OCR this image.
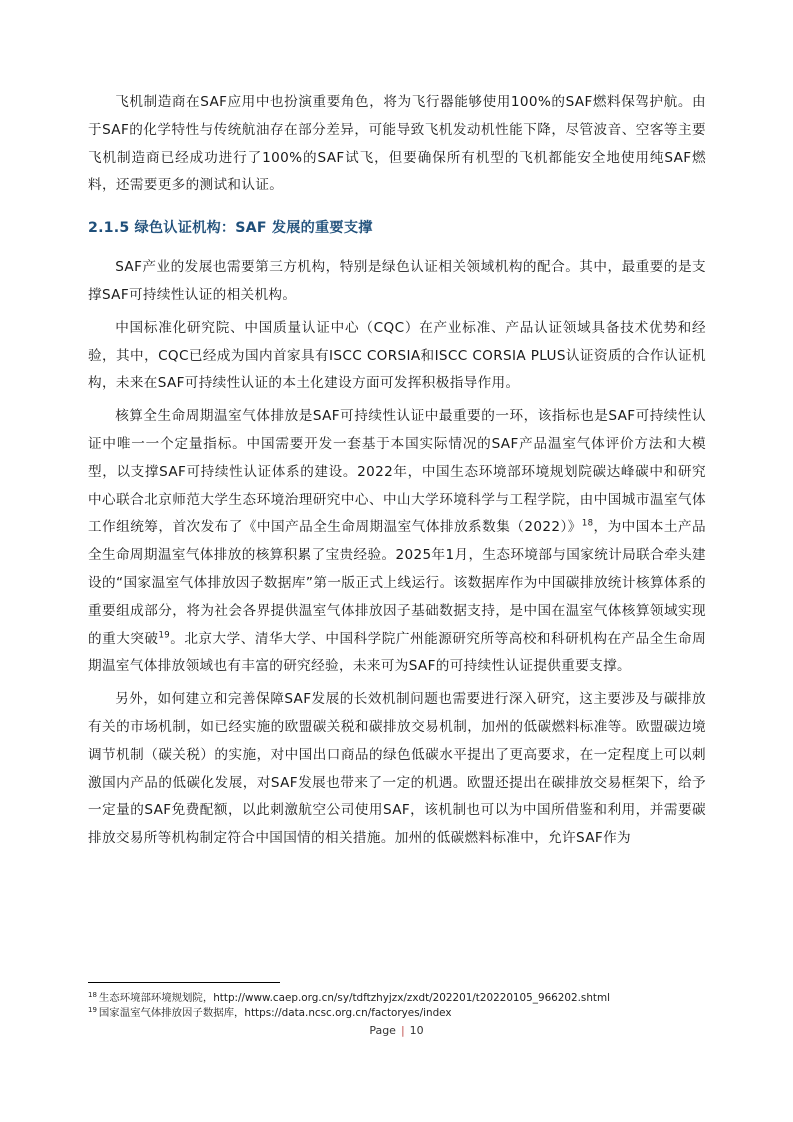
飞机制造商在SAF应用中也扮演重要角色，将为飞行器能够使用100%的SAF燃料保驾护航。由于SAF的化学特性与传统航油存在部分差异，可能导致飞机发动机性能下降，尽管波音、空客等主要飞机制造商已经成功进行了100%的SAF试飞，但要确保所有机型的飞机都能安全地使用纯SAF燃料，还需要更多的测试和认证。

2.1.5 绿色认证机构：SAF 发展的重要支撑

SAF产业的发展也需要第三方机构，特别是绿色认证相关领域机构的配合。其中，最重要的是支撑SAF可持续性认证的相关机构。

中国标准化研究院、中国质量认证中心（CQC）在产业标准、产品认证领域具备技术优势和经验，其中，CQC已经成为国内首家具有ISCC CORSIA和ISCC CORSIA PLUS认证资质的合作认证机构，未来在SAF可持续性认证的本土化建设方面可发挥积极指导作用。

核算全生命周期温室气体排放是SAF可持续性认证中最重要的一环，该指标也是SAF可持续性认证中唯一一个定量指标。中国需要开发一套基于本国实际情况的SAF产品温室气体评价方法和大模型，以支撑SAF可持续性认证体系的建设。2022年，中国生态环境部环境规划院碳达峰碳中和研究中心联合北京师范大学生态环境治理研究中心、中山大学环境科学与工程学院，由中国城市温室气体工作组统筹，首次发布了《中国产品全生命周期温室气体排放系数集（2022）》$^{18}$，为中国本土产品全生命周期温室气体排放的核算积累了宝贵经验。2025年1月，生态环境部与国家统计局联合牵头建设的“国家温室气体排放因子数据库”第一版正式上线运行。该数据库作为中国碳排放统计核算体系的重要组成部分，将为社会各界提供温室气体排放因子基础数据支持，是中国在温室气体核算领域实现的重大突破$^{19}$。北京大学、清华大学、中国科学院广州能源研究所等高校和科研机构在产品全生命周期温室气体排放领域也有丰富的研究经验，未来可为SAF的可持续性认证提供重要支撑。

另外，如何建立和完善保障SAF发展的长效机制问题也需要进行深入研究，这主要涉及与碳排放有关的市场机制，如已经实施的欧盟碳关税和碳排放交易机制，加州的低碳燃料标准等。欧盟碳边境调节机制（碳关税）的实施，对中国出口商品的绿色低碳水平提出了更高要求，在一定程度上可以刺激国内产品的低碳化发展，对SAF发展也带来了一定的机遇。欧盟还提出在碳排放交易框架下，给予一定量的SAF免费配额，以此刺激航空公司使用SAF，该机制也可以为中国所借鉴和利用，并需要碳排放交易所等机构制定符合中国国情的相关措施。加州的低碳燃料标准中，允许SAF作为

$^{18}$ 生态环境部环境规划院，http://www.caep.org.cn/sy/tdftzhyjzx/zxdt/202201/t20220105_966202.shtml
$^{19}$ 国家温室气体排放因子数据库，https://data.ncsc.org.cn/factoryes/index
Page | 10
